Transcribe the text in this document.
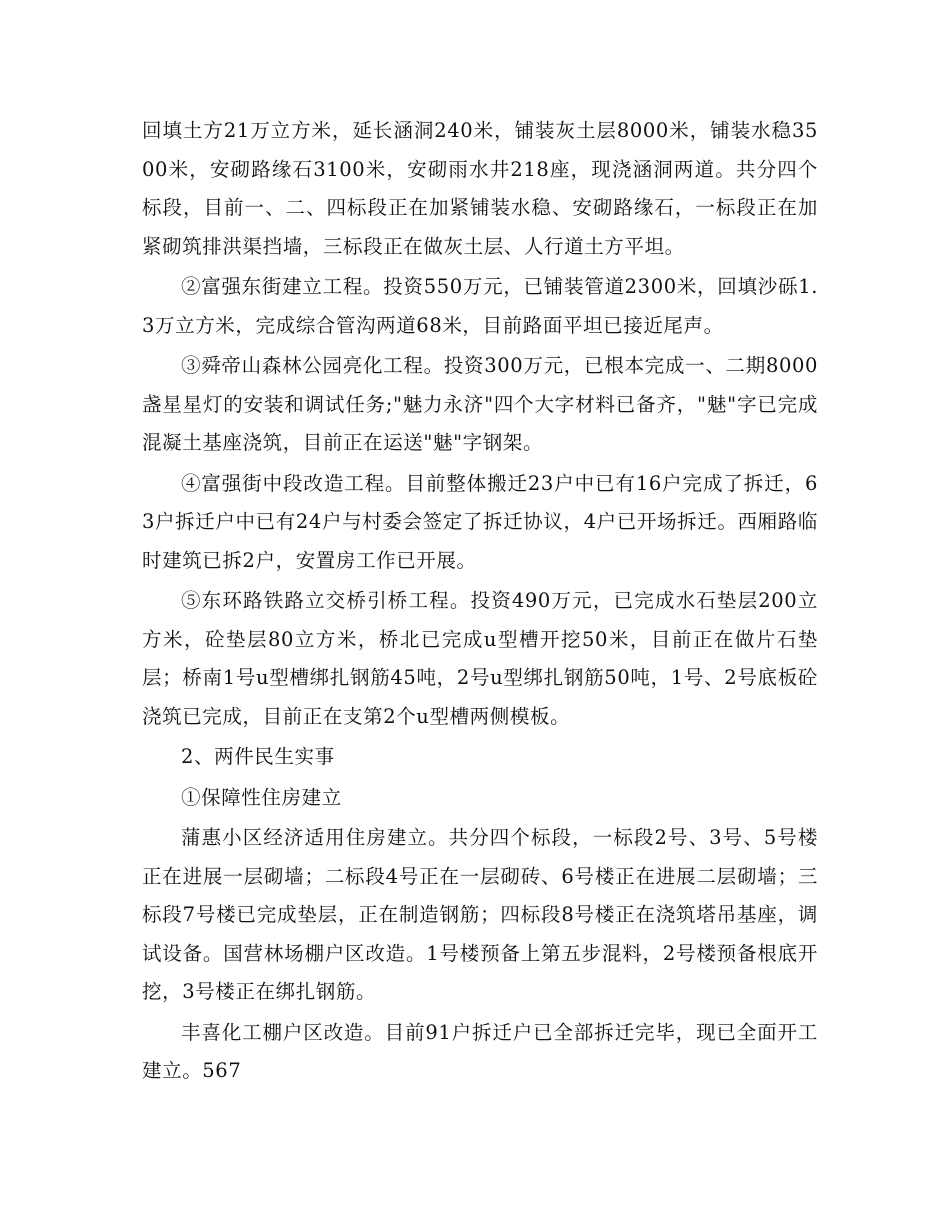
回填土方21万立方米，延长涵洞240米，铺装灰土层8000米，铺装水稳3500米，安砌路缘石3100米，安砌雨水井218座，现浇涵洞两道。共分四个标段，目前一、二、四标段正在加紧铺装水稳、安砌路缘石，一标段正在加紧砌筑排洪渠挡墙，三标段正在做灰土层、人行道土方平坦。

②富强东街建立工程。投资550万元，已铺装管道2300米，回填沙砾1.3万立方米，完成综合管沟两道68米，目前路面平坦已接近尾声。

③舜帝山森林公园亮化工程。投资300万元，已根本完成一、二期8000盏星星灯的安装和调试任务;"魅力永济"四个大字材料已备齐，"魅"字已完成混凝土基座浇筑，目前正在运送"魅"字钢架。

④富强街中段改造工程。目前整体搬迁23户中已有16户完成了拆迁，63户拆迁户中已有24户与村委会签定了拆迁协议，4户已开场拆迁。西厢路临时建筑已拆2户，安置房工作已开展。

⑤东环路铁路立交桥引桥工程。投资490万元，已完成水石垫层200立方米，砼垫层80立方米，桥北已完成u型槽开挖50米，目前正在做片石垫层；桥南1号u型槽绑扎钢筋45吨，2号u型绑扎钢筋50吨，1号、2号底板砼浇筑已完成，目前正在支第2个u型槽两侧模板。

2、两件民生实事

①保障性住房建立

蒲惠小区经济适用住房建立。共分四个标段，一标段2号、3号、5号楼正在进展一层砌墙；二标段4号正在一层砌砖、6号楼正在进展二层砌墙；三标段7号楼已完成垫层，正在制造钢筋；四标段8号楼正在浇筑塔吊基座，调试设备。国营林场棚户区改造。1号楼预备上第五步混料，2号楼预备根底开挖，3号楼正在绑扎钢筋。

丰喜化工棚户区改造。目前91户拆迁户已全部拆迁完毕，现已全面开工建立。567
